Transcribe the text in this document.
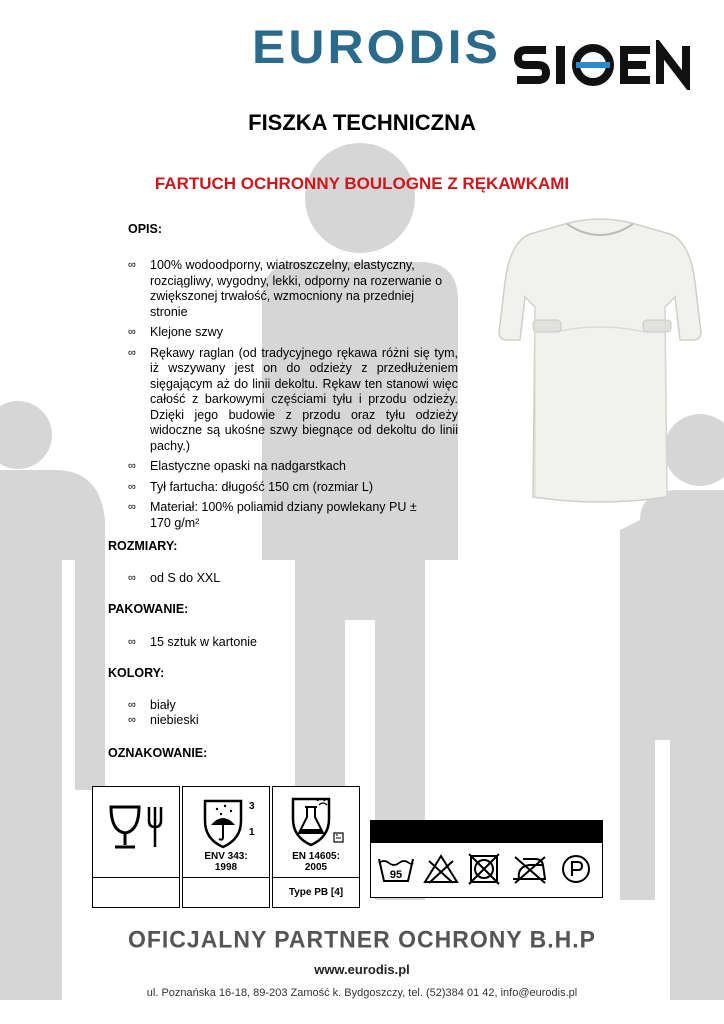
EURODIS
FISZKA TECHNICZNA
FARTUCH OCHRONNY BOULOGNE Z RĘKAWKAMI
OPIS:
∞ 100% wodoodporny, wiatroszczelny, elastyczny, rozciągliwy, wygodny, lekki, odporny na rozerwanie o zwiększonej trwałość, wzmocniony na przedniej stronie
∞ Klejone szwy
∞ Rękawy raglan (od tradycyjnego rękawa różni się tym, iż wszywany jest on do odzieży z przedłużeniem sięgającym aż do linii dekoltu. Rękaw ten stanowi więc całość z barkowymi częściami tyłu i przodu odzieży. Dzięki jego budowie z przodu oraz tyłu odzieży widoczne są ukośne szwy biegnące od dekoltu do linii pachy.)
∞ Elastyczne opaski na nadgarstkach
∞ Tył fartucha: długość 150 cm (rozmiar L)
∞ Materiał: 100% poliamid dziany powlekany PU ± 170 g/m²
ROZMIARY:
∞ od S do XXL
PAKOWANIE:
∞ 15 sztuk w kartonie
KOLORY:
∞ biały
∞ niebieski
OZNAKOWANIE:
3
1
ENV 343:
1998
EN 14605:
2005
Type PB [4]
95
OFICJALNY PARTNER OCHRONY B.H.P
www.eurodis.pl
ul. Poznańska 16-18, 89-203 Zamość k. Bydgoszczy, tel. (52)384 01 42, info@eurodis.pl
